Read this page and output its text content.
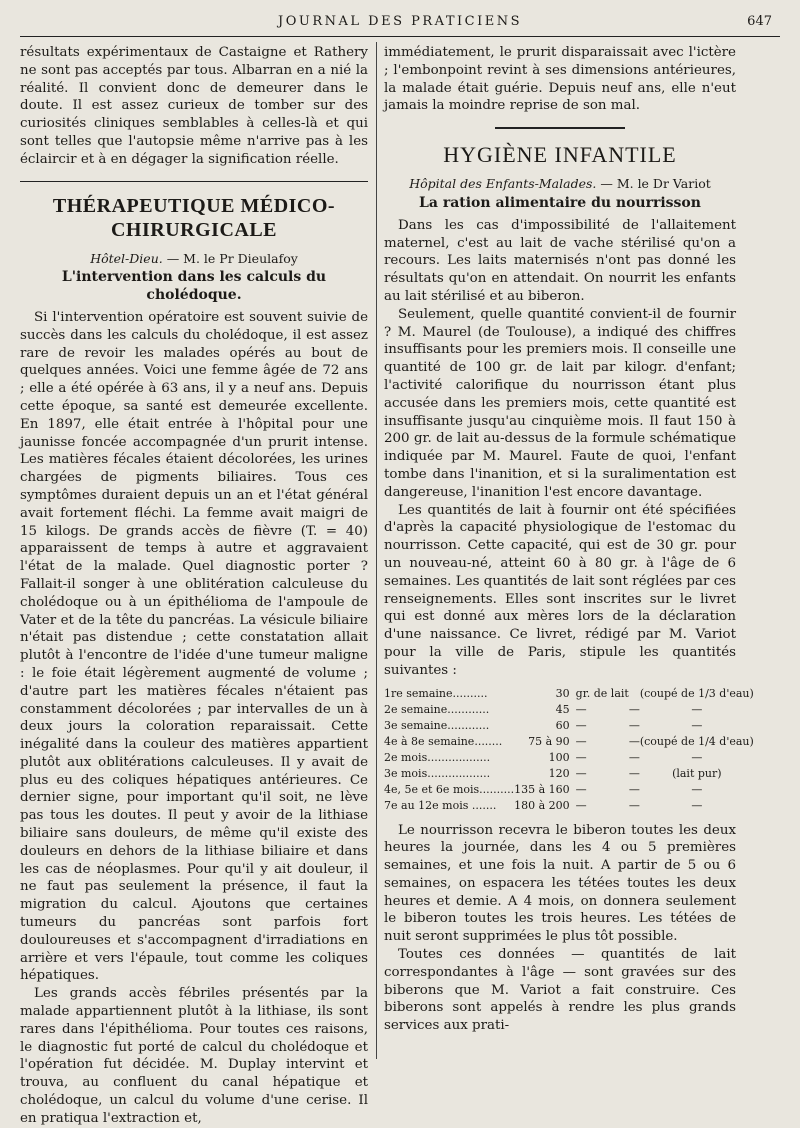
JOURNAL DES PRATICIENS	647

résultats expérimentaux de Castaigne et Rathery ne sont pas acceptés par tous. Albarran en a nié la réalité. Il convient donc de demeurer dans le doute. Il est assez curieux de tomber sur des curiosités cliniques semblables à celles-là et qui sont telles que l'autopsie même n'arrive pas à les éclaircir et à en dégager la signification réelle.

THÉRAPEUTIQUE MÉDICO-CHIRURGICALE
Hôtel-Dieu. — M. le Pr Dieulafoy
L'intervention dans les calculs du cholédoque.

Si l'intervention opératoire est souvent suivie de succès dans les calculs du cholédoque, il est assez rare de revoir les malades opérés au bout de quelques années. Voici une femme âgée de 72 ans ; elle a été opérée à 63 ans, il y a neuf ans. Depuis cette époque, sa santé est demeurée excellente. En 1897, elle était entrée à l'hôpital pour une jaunisse foncée accompagnée d'un prurit intense. Les matières fécales étaient décolorées, les urines chargées de pigments biliaires. Tous ces symptômes duraient depuis un an et l'état général avait fortement fléchi. La femme avait maigri de 15 kilogs. De grands accès de fièvre (T. = 40) apparaissent de temps à autre et aggravaient l'état de la malade. Quel diagnostic porter ? Fallait-il songer à une oblitération calculeuse du cholédoque ou à un épithélioma de l'ampoule de Vater et de la tête du pancréas. La vésicule biliaire n'était pas distendue ; cette constatation allait plutôt à l'encontre de l'idée d'une tumeur maligne : le foie était légèrement augmenté de volume ; d'autre part les matières fécales n'étaient pas constamment décolorées ; par intervalles de un à deux jours la coloration reparaissait. Cette inégalité dans la couleur des matières appartient plutôt aux oblitérations calculeuses. Il y avait de plus eu des coliques hépatiques antérieures. Ce dernier signe, pour important qu'il soit, ne lève pas tous les doutes. Il peut y avoir de la lithiase biliaire sans douleurs, de même qu'il existe des douleurs en dehors de la lithiase biliaire et dans les cas de néoplasmes. Pour qu'il y ait douleur, il ne faut pas seulement la présence, il faut la migration du calcul. Ajoutons que certaines tumeurs du pancréas sont parfois fort douloureuses et s'accompagnent d'irradiations en arrière et vers l'épaule, tout comme les coliques hépatiques.

Les grands accès fébriles présentés par la malade appartiennent plutôt à la lithiase, ils sont rares dans l'épithélioma. Pour toutes ces raisons, le diagnostic fut porté de calcul du cholédoque et l'opération fut décidée. M. Duplay intervint et trouva, au confluent du canal hépatique et cholédoque, un calcul du volume d'une cerise. Il en pratiqua l'extraction et,

immédiatement, le prurit disparaissait avec l'ictère ; l'embonpoint revint à ses dimensions antérieures, la malade était guérie. Depuis neuf ans, elle n'eut jamais la moindre reprise de son mal.

HYGIÈNE INFANTILE
Hôpital des Enfants-Malades. — M. le Dr Variot
La ration alimentaire du nourrisson

Dans les cas d'impossibilité de l'allaitement maternel, c'est au lait de vache stérilisé qu'on a recours. Les laits maternisés n'ont pas donné les résultats qu'on en attendait. On nourrit les enfants au lait stérilisé et au biberon.

Seulement, quelle quantité convient-il de fournir ? M. Maurel (de Toulouse), a indiqué des chiffres insuffisants pour les premiers mois. Il conseille une quantité de 100 gr. de lait par kilogr. d'enfant; l'activité calorifique du nourrisson étant plus accusée dans les premiers mois, cette quantité est insuffisante jusqu'au cinquième mois. Il faut 150 à 200 gr. de lait au-dessus de la formule schématique indiquée par M. Maurel. Faute de quoi, l'enfant tombe dans l'inanition, et si la suralimentation est dangereuse, l'inanition l'est encore davantage.

Les quantités de lait à fournir ont été spécifiées d'après la capacité physiologique de l'estomac du nourrisson. Cette capacité, qui est de 30 gr. pour un nouveau-né, atteint 60 à 80 gr. à l'âge de 6 semaines. Les quantités de lait sont réglées par ces renseignements. Elles sont inscrites sur le livret qui est donné aux mères lors de la déclaration d'une naissance. Ce livret, rédigé par M. Variot pour la ville de Paris, stipule les quantités suivantes :

1re semaine..........	30	gr. de lait		(coupé de 1/3 d'eau)
2e semaine............	45	—	—	—
3e semaine............	60	—	—	—
4e à 8e semaine........	75 à 90	—	—	(coupé de 1/4 d'eau)
2e mois..................	100	—	—	—
3e mois..................	120	—	—	(lait pur)
4e, 5e et 6e mois..........	135 à 160	—	—	—
7e au 12e mois .......	180 à 200	—	—	—

Le nourrisson recevra le biberon toutes les deux heures la journée, dans les 4 ou 5 premières semaines, et une fois la nuit. A partir de 5 ou 6 semaines, on espacera les tétées toutes les deux heures et demie. A 4 mois, on donnera seulement le biberon toutes les trois heures. Les tétées de nuit seront supprimées le plus tôt possible.

Toutes ces données — quantités de lait correspondantes à l'âge — sont gravées sur des biberons que M. Variot a fait construire. Ces biberons sont appelés à rendre les plus grands services aux prati-
